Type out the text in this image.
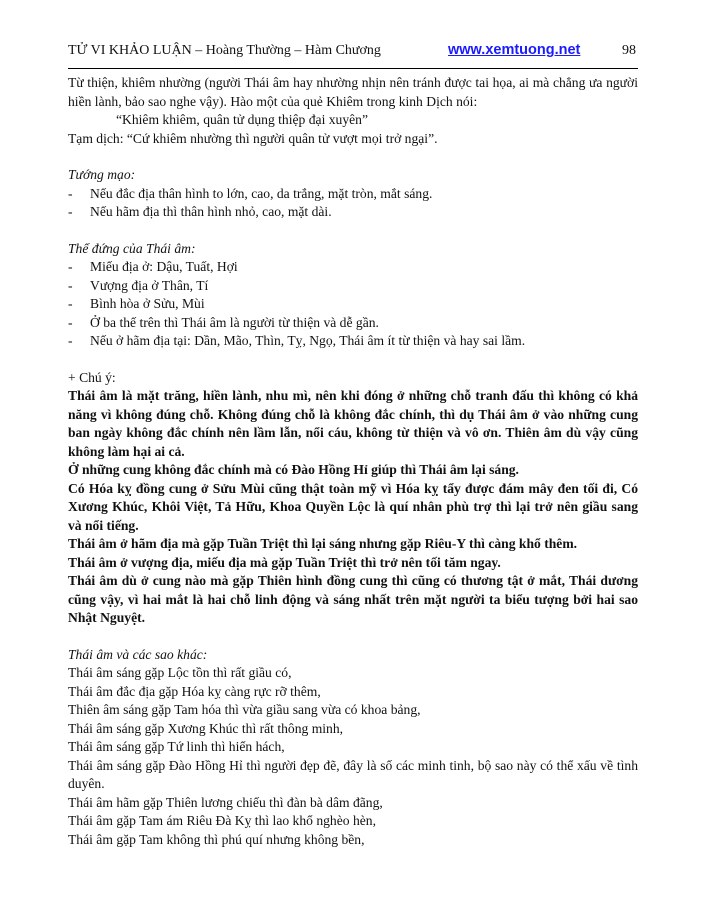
TỬ VI KHẢO LUẬN – Hoàng Thường – Hàm Chương	www.xemtuong.net	98

Từ thiện, khiêm nhường (người Thái âm hay nhường nhịn nên tránh được tai họa, ai mà chẳng ưa người hiền lành, bảo sao nghe vậy). Hào một của quẻ Khiêm trong kinh Dịch nói:

“Khiêm khiêm, quân tử dụng thiệp đại xuyên”

Tạm dịch: “Cứ khiêm nhường thì người quân tử vượt mọi trở ngại”.

Tướng mạo:

- Nếu đắc địa thân hình to lớn, cao, da trắng, mặt tròn, mắt sáng.
- Nếu hãm địa thì thân hình nhỏ, cao, mặt dài.

Thế đứng của Thái âm:

- Miếu địa ở: Dậu, Tuất, Hợi
- Vượng địa ở Thân, Tí
- Bình hòa ở Sửu, Mùi
- Ở ba thế trên thì Thái âm là người từ thiện và dễ gần.
- Nếu ở hãm địa tại: Dần, Mão, Thìn, Tỵ, Ngọ, Thái âm ít từ thiện và hay sai lầm.

+ Chú ý:

Thái âm là mặt trăng, hiền lành, nhu mì, nên khi đóng ở những chỗ tranh đấu thì không có khả năng vì không đúng chỗ. Không đúng chỗ là không đắc chính, thì dụ Thái âm ở vào những cung ban ngày không đắc chính nên lầm lẫn, nổi cáu, không từ thiện và vô ơn. Thiên âm dù vậy cũng không làm hại ai cả.

Ở những cung không đắc chính mà có Đào Hồng Hỉ giúp thì Thái âm lại sáng.

Có Hóa kỵ đồng cung ở Sửu Mùi cũng thật toàn mỹ vì Hóa kỵ tẩy được đám mây đen tối đi, Có Xương Khúc, Khôi Việt, Tả Hữu, Khoa Quyền Lộc là quí nhân phù trợ thì lại trở nên giầu sang và nổi tiếng.

Thái âm ở hãm địa mà gặp Tuần Triệt thì lại sáng nhưng gặp Riêu-Y thì càng khổ thêm.

Thái âm ở vượng địa, miếu địa mà gặp Tuần Triệt thì trở nên tối tăm ngay.

Thái âm dù ở cung nào mà gặp Thiên hình đồng cung thì cũng có thương tật ở mắt, Thái dương cũng vậy, vì hai mắt là hai chỗ linh động và sáng nhất trên mặt người ta biểu tượng bởi hai sao Nhật Nguyệt.

Thái âm và các sao khác:

Thái âm sáng gặp Lộc tồn thì rất giầu có,

Thái âm đắc địa gặp Hóa kỵ càng rực rỡ thêm,

Thiên âm sáng gặp Tam hóa thì vừa giầu sang vừa có khoa bảng,

Thái âm sáng gặp Xương Khúc thì rất thông minh,

Thái âm sáng gặp Tứ linh thì hiển hách,

Thái âm sáng gặp Đào Hồng Hỉ thì người đẹp đẽ, đây là số các minh tinh, bộ sao này có thể xấu về tình duyên.

Thái âm hãm gặp Thiên lương chiếu thì đàn bà dâm đãng,

Thái âm gặp Tam ám Riêu Đà Kỵ thì lao khổ nghèo hèn,

Thái âm gặp Tam không thì phú quí nhưng không bền,
